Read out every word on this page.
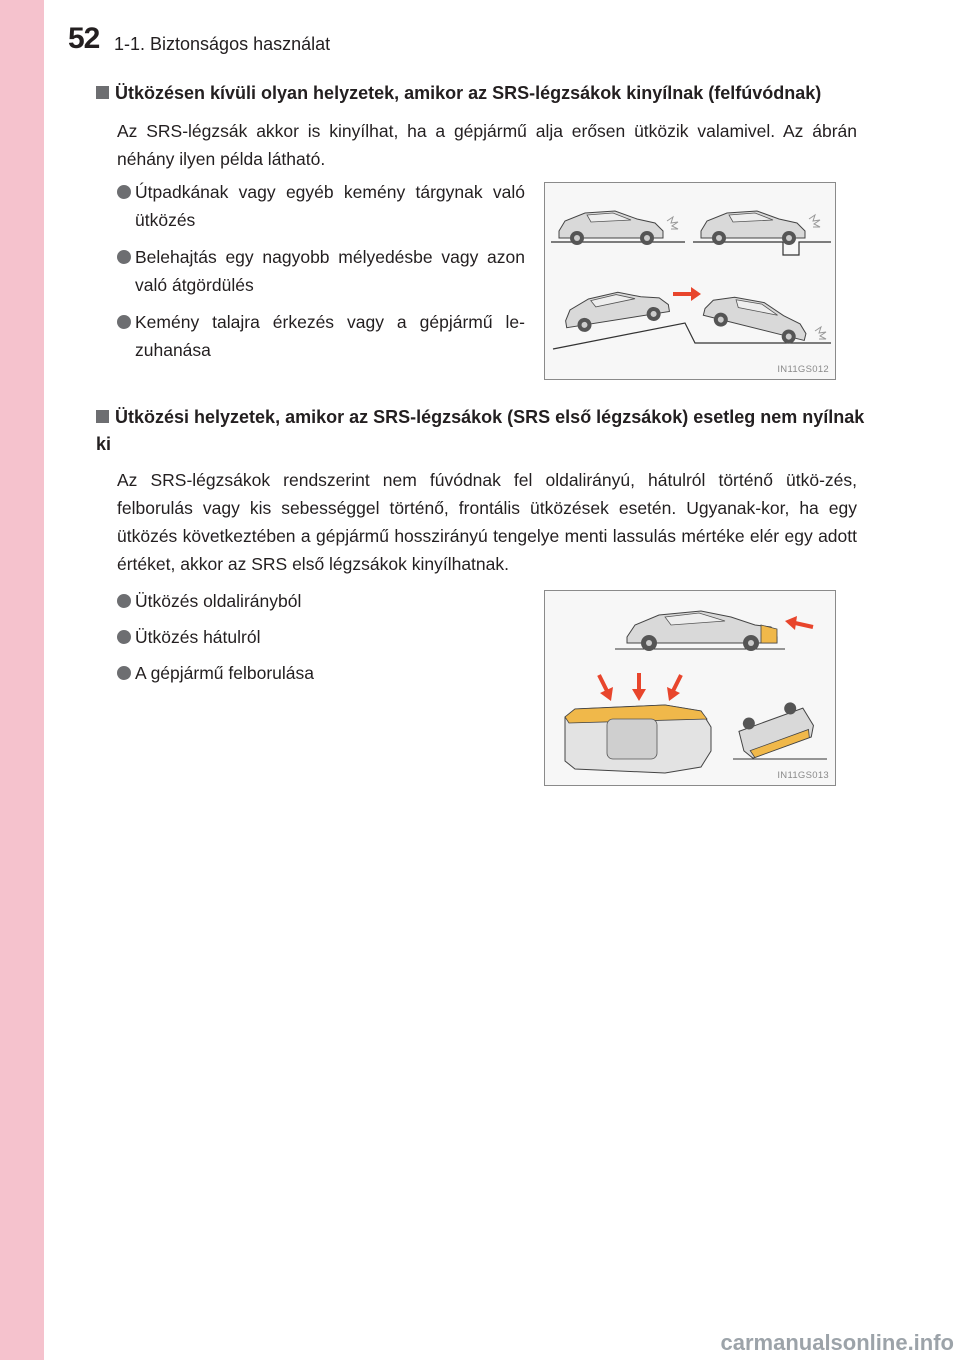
52 1-1. Biztonságos használat
Ütközésen kívüli olyan helyzetek, amikor az SRS-légzsákok kinyílnak (felfúvódnak)
Az SRS-légzsák akkor is kinyílhat, ha a gépjármű alja erősen ütközik valamivel. Az ábrán néhány ilyen példa látható.
Útpadkának vagy egyéb kemény tárgynak való ütközés
Belehajtás egy nagyobb mélyedésbe vagy azon való átgördülés
Kemény talajra érkezés vagy a gépjármű le-zuhanása
IN11GS012
Ütközési helyzetek, amikor az SRS-légzsákok (SRS első légzsákok) esetleg nem nyílnak ki
Az SRS-légzsákok rendszerint nem fúvódnak fel oldalirányú, hátulról történő ütkö-zés, felborulás vagy kis sebességgel történő, frontális ütközések esetén. Ugyanak-kor, ha egy ütközés következtében a gépjármű hosszirányú tengelye menti lassulás mértéke elér egy adott értéket, akkor az SRS első légzsákok kinyílhatnak.
Ütközés oldalirányból
Ütközés hátulról
A gépjármű felborulása
IN11GS013
carmanualsonline.info
